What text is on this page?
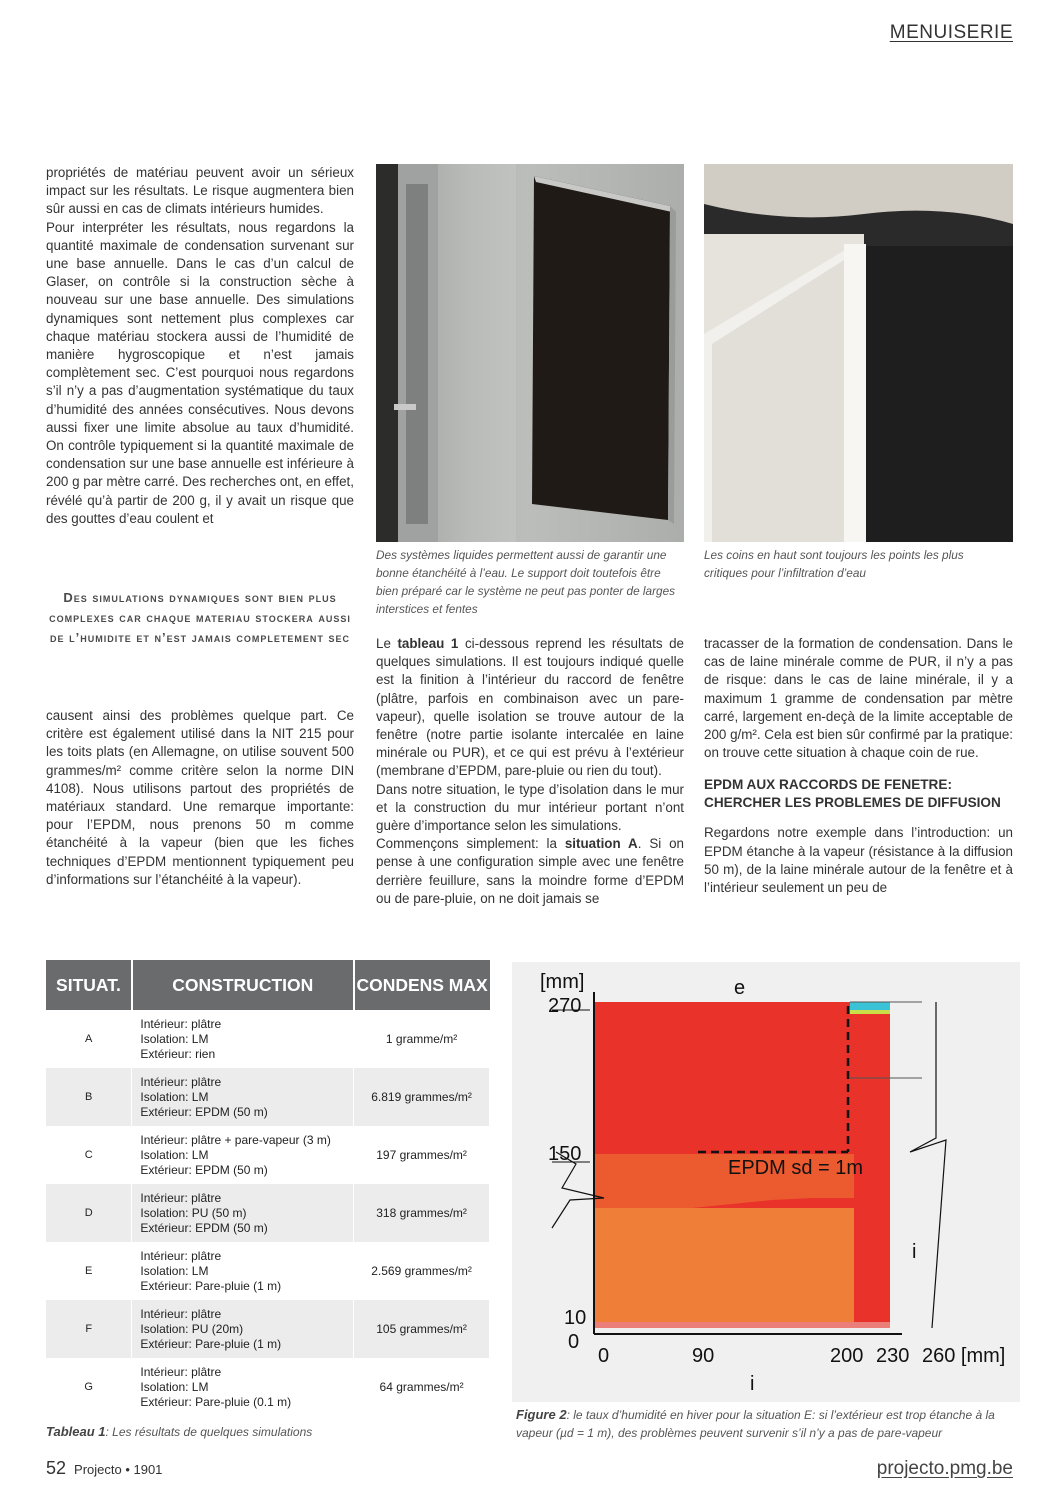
MENUISERIE

propriétés de matériau peuvent avoir un sérieux impact sur les résultats. Le risque augmentera bien sûr aussi en cas de climats intérieurs humides.

Pour interpréter les résultats, nous regardons la quantité maximale de condensation survenant sur une base annuelle. Dans le cas d’un calcul de Glaser, on contrôle si la construction sèche à nouveau sur une base annuelle. Des simulations dynamiques sont nettement plus complexes car chaque matériau stockera aussi de l’humidité de manière hygroscopique et n’est jamais complètement sec. C’est pourquoi nous regardons s’il n’y a pas d’augmentation systématique du taux d’humidité des années consécutives. Nous devons aussi fixer une limite absolue au taux d’humidité. On contrôle typiquement si la quantité maximale de condensation sur une base annuelle est inférieure à 200 g par mètre carré. Des recherches ont, en effet, révélé qu’à partir de 200 g, il y avait un risque que des gouttes d’eau coulent et

Des simulations dynamiques sont bien plus complexes car chaque materiau stockera aussi de l’humidite et n’est jamais completement sec

causent ainsi des problèmes quelque part. Ce critère est également utilisé dans la NIT 215 pour les toits plats (en Allemagne, on utilise souvent 500 grammes/m² comme critère selon la norme DIN 4108). Nous utilisons partout des propriétés de matériaux standard. Une remarque importante: pour l’EPDM, nous prenons 50 m comme étanchéité à la vapeur (bien que les fiches techniques d’EPDM mentionnent typiquement peu d’informations sur l’étanchéité à la vapeur).

Des systèmes liquides permettent aussi de garantir une bonne étanchéité à l’eau. Le support doit toutefois être bien préparé car le système ne peut pas ponter de larges interstices et fentes
Les coins en haut sont toujours les points les plus critiques pour l’infiltration d’eau

Le tableau 1 ci-dessous reprend les résultats de quelques simulations. Il est toujours indiqué quelle est la finition à l’intérieur du raccord de fenêtre (plâtre, parfois en combinaison avec un pare-vapeur), quelle isolation se trouve autour de la fenêtre (notre partie isolante intercalée en laine minérale ou PUR), et ce qui est prévu à l’extérieur (membrane d’EPDM, pare-pluie ou rien du tout).

Dans notre situation, le type d’isolation dans le mur et la construction du mur intérieur portant n’ont guère d’importance selon les simulations.

Commençons simplement: la situation A. Si on pense à une configuration simple avec une fenêtre derrière feuillure, sans la moindre forme d’EPDM ou de pare-pluie, on ne doit jamais se

tracasser de la formation de condensation. Dans le cas de laine minérale comme de PUR, il n’y a pas de risque: dans le cas de laine minérale, il y a maximum 1 gramme de condensation par mètre carré, largement en-deçà de la limite acceptable de 200 g/m². Cela est bien sûr confirmé par la pratique: on trouve cette situation à chaque coin de rue.

EPDM AUX RACCORDS DE FENETRE:
CHERCHER LES PROBLEMES DE DIFFUSION

Regardons notre exemple dans l’introduction: un EPDM étanche à la vapeur (résistance à la diffusion 50 m), de la laine minérale autour de la fenêtre et à l’intérieur seulement un peu de

SITUAT.	CONSTRUCTION	CONDENS MAX
A	Intérieur: plâtre
Isolation: LM
Extérieur: rien	1 gramme/m²
B	Intérieur: plâtre
Isolation: LM
Extérieur: EPDM (50 m)	6.819 grammes/m²
C	Intérieur: plâtre + pare-vapeur (3 m)
Isolation: LM
Extérieur: EPDM (50 m)	197 grammes/m²
D	Intérieur: plâtre
Isolation: PU (50 m)
Extérieur: EPDM (50 m)	318 grammes/m²
E	Intérieur: plâtre
Isolation: LM
Extérieur: Pare-pluie (1 m)	2.569 grammes/m²
F	Intérieur: plâtre
Isolation: PU (20m)
Extérieur: Pare-pluie (1 m)	105 grammes/m²
G	Intérieur: plâtre
Isolation: LM
Extérieur: Pare-pluie (0.1 m)	64 grammes/m²
Tableau 1: Les résultats de quelques simulations
[mm]
270
150
10
0
0	90	200 230 260 [mm]
e
i
i
EPDM sd = 1m
Figure 2: le taux d’humidité en hiver pour la situation E: si l’extérieur est trop étanche à la vapeur (µd = 1 m), des problèmes peuvent survenir s’il n’y a pas de pare-vapeur
52 Projecto • 1901	projecto.pmg.be
